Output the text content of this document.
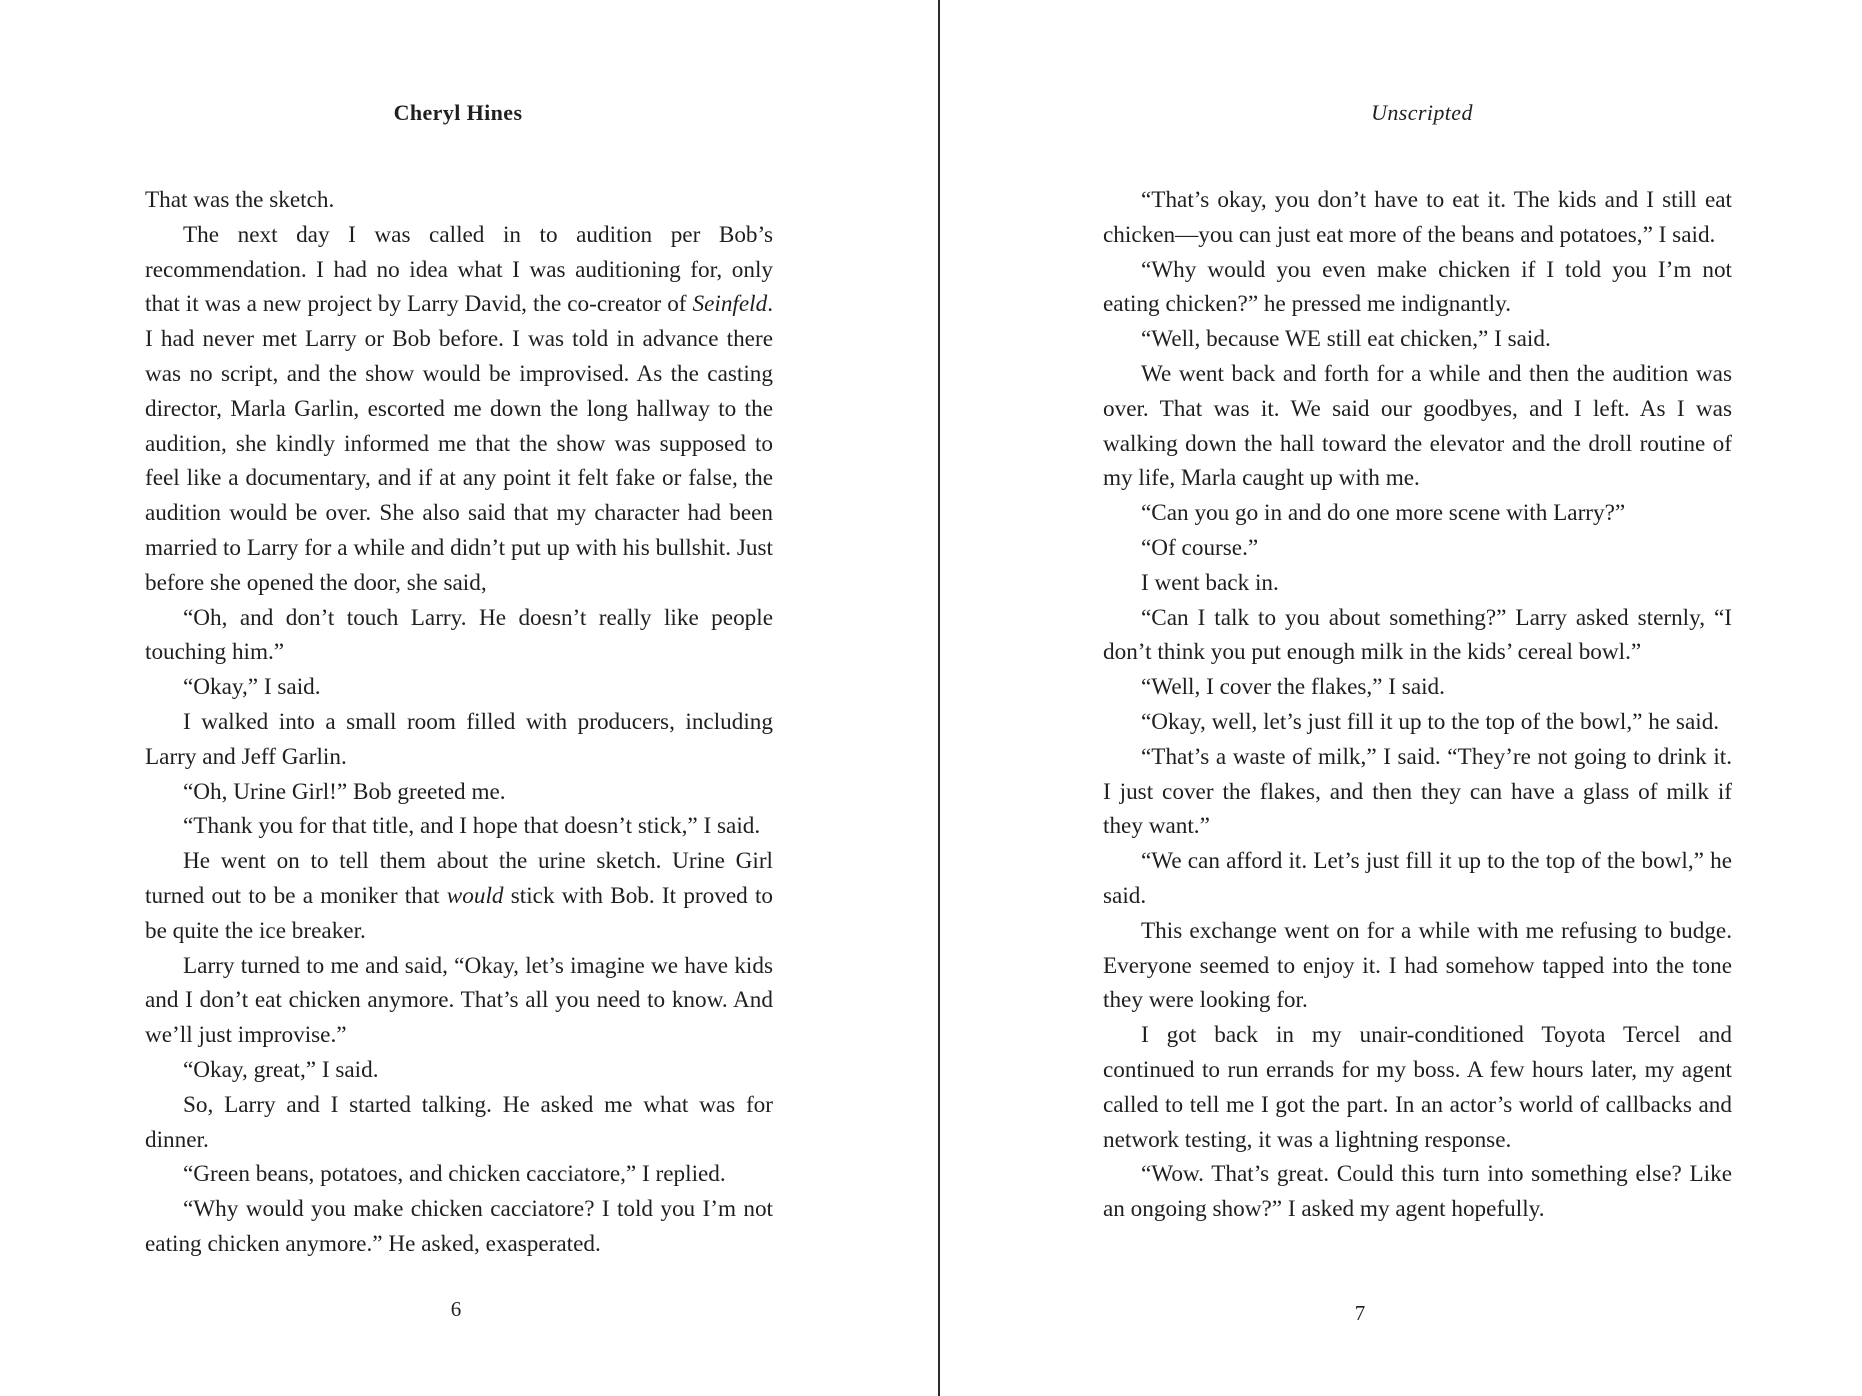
Cheryl Hines

That was the sketch.

The next day I was called in to audition per Bob’s recommendation. I had no idea what I was auditioning for, only that it was a new project by Larry David, the co-creator of Seinfeld. I had never met Larry or Bob before. I was told in advance there was no script, and the show would be improvised. As the casting director, Marla Garlin, escorted me down the long hallway to the audition, she kindly informed me that the show was supposed to feel like a documentary, and if at any point it felt fake or false, the audition would be over. She also said that my character had been married to Larry for a while and didn’t put up with his bullshit. Just before she opened the door, she said,

“Oh, and don’t touch Larry. He doesn’t really like people touching him.”

“Okay,” I said.

I walked into a small room filled with producers, including Larry and Jeff Garlin.

“Oh, Urine Girl!” Bob greeted me.

“Thank you for that title, and I hope that doesn’t stick,” I said.

He went on to tell them about the urine sketch. Urine Girl turned out to be a moniker that would stick with Bob. It proved to be quite the ice breaker.

Larry turned to me and said, “Okay, let’s imagine we have kids and I don’t eat chicken anymore. That’s all you need to know. And we’ll just improvise.”

“Okay, great,” I said.

So, Larry and I started talking. He asked me what was for dinner.

“Green beans, potatoes, and chicken cacciatore,” I replied.

“Why would you make chicken cacciatore? I told you I’m not eating chicken anymore.” He asked, exasperated.

6
Unscripted

“That’s okay, you don’t have to eat it. The kids and I still eat chicken—you can just eat more of the beans and potatoes,” I said.

“Why would you even make chicken if I told you I’m not eating chicken?” he pressed me indignantly.

“Well, because WE still eat chicken,” I said.

We went back and forth for a while and then the audition was over. That was it. We said our goodbyes, and I left. As I was walking down the hall toward the elevator and the droll routine of my life, Marla caught up with me.

“Can you go in and do one more scene with Larry?”

“Of course.”

I went back in.

“Can I talk to you about something?” Larry asked sternly, “I don’t think you put enough milk in the kids’ cereal bowl.”

“Well, I cover the flakes,” I said.

“Okay, well, let’s just fill it up to the top of the bowl,” he said.

“That’s a waste of milk,” I said. “They’re not going to drink it. I just cover the flakes, and then they can have a glass of milk if they want.”

“We can afford it. Let’s just fill it up to the top of the bowl,” he said.

This exchange went on for a while with me refusing to budge. Everyone seemed to enjoy it. I had somehow tapped into the tone they were looking for.

I got back in my unair-conditioned Toyota Tercel and continued to run errands for my boss. A few hours later, my agent called to tell me I got the part. In an actor’s world of callbacks and network testing, it was a lightning response.

“Wow. That’s great. Could this turn into something else? Like an ongoing show?” I asked my agent hopefully.

7
